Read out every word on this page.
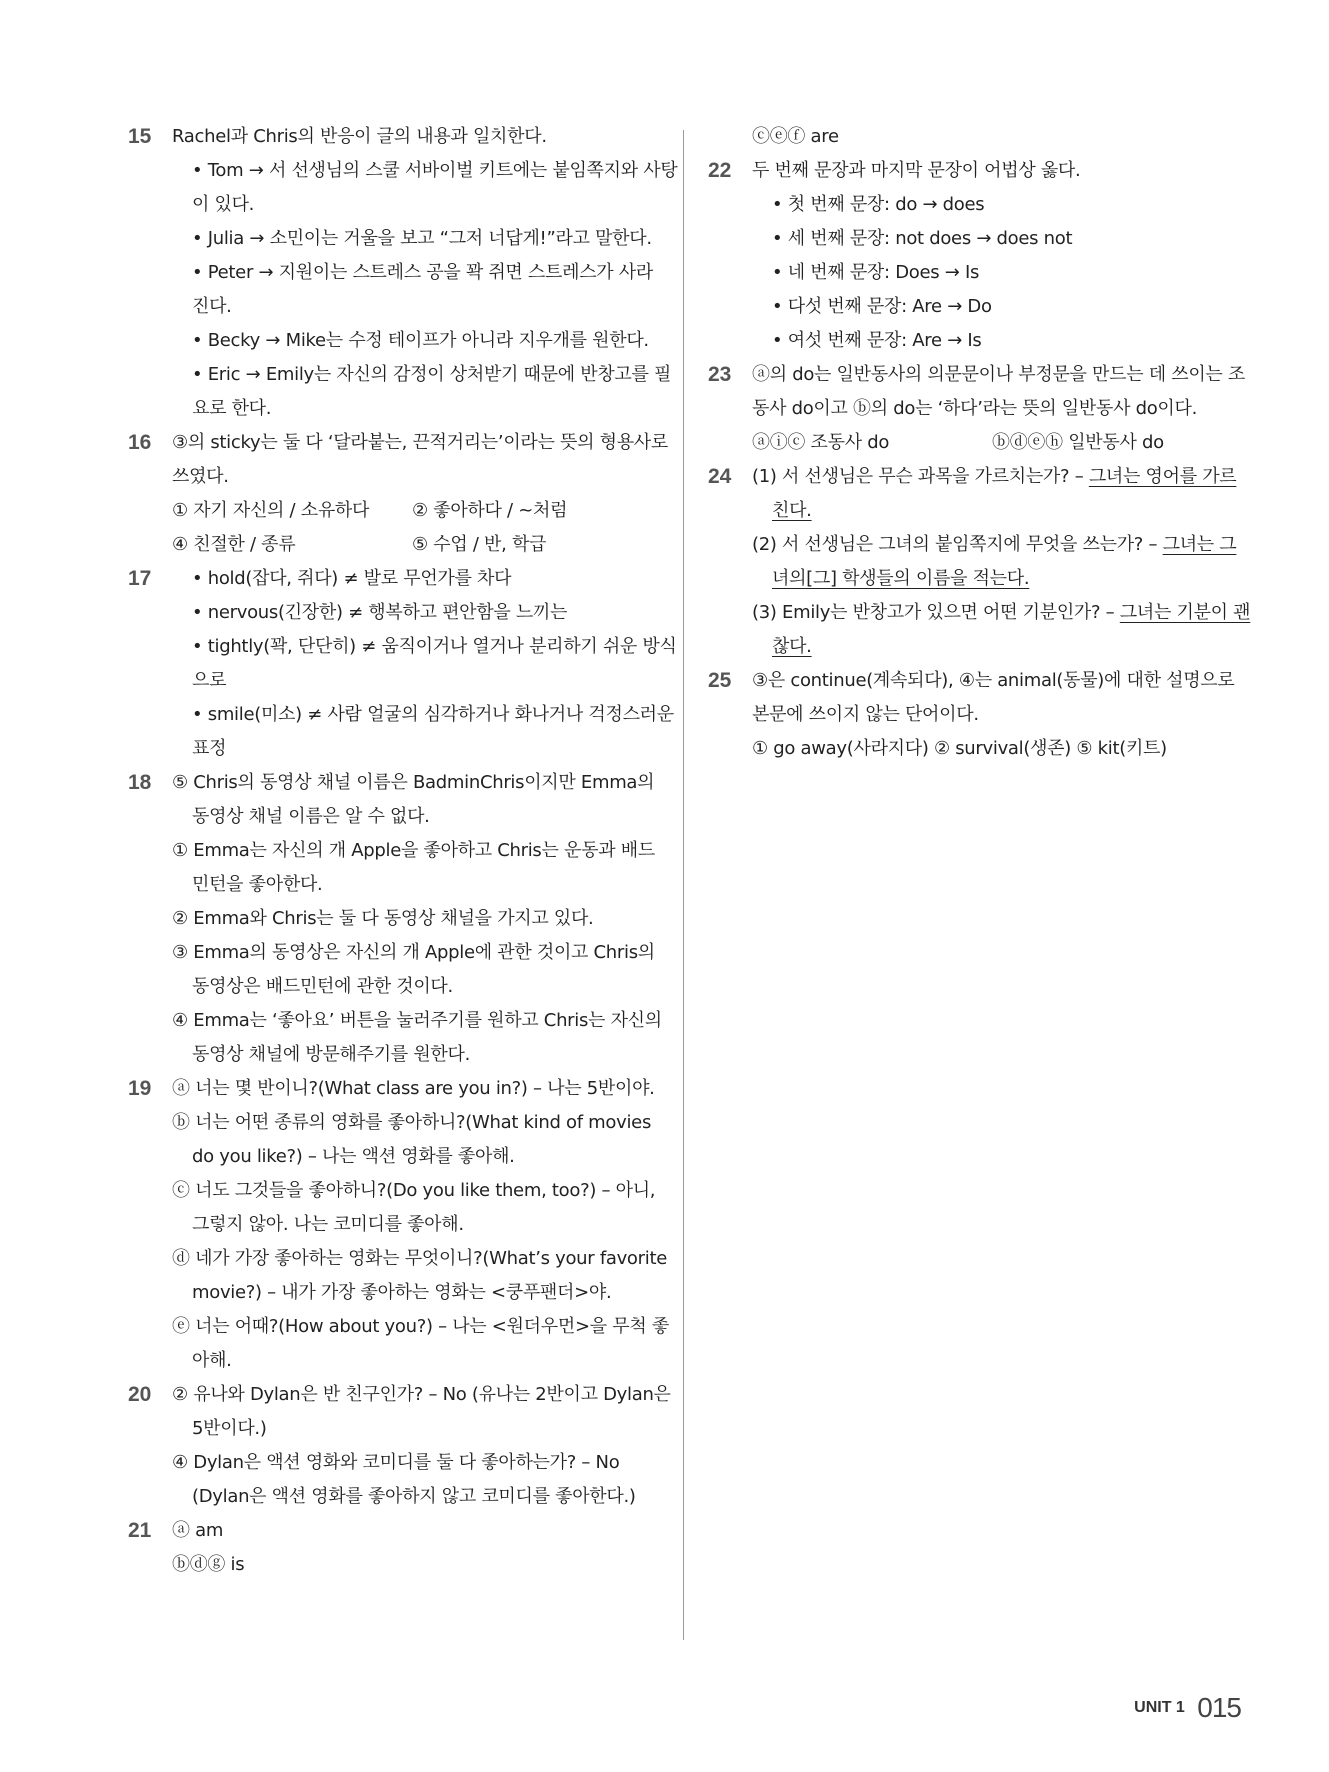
15 Rachel과 Chris의 반응이 글의 내용과 일치한다.
• Tom → 서 선생님의 스쿨 서바이벌 키트에는 붙임쪽지와 사탕
이 있다.
• Julia → 소민이는 거울을 보고 “그저 너답게!”라고 말한다.
• Peter → 지원이는 스트레스 공을 꽉 쥐면 스트레스가 사라
진다.
• Becky → Mike는 수정 테이프가 아니라 지우개를 원한다.
• Eric → Emily는 자신의 감정이 상처받기 때문에 반창고를 필
요로 한다.
16 ③의 sticky는 둘 다 ‘달라붙는, 끈적거리는’이라는 뜻의 형용사로
쓰였다.
① 자기 자신의 / 소유하다 ② 좋아하다 / ~처럼
④ 친절한 / 종류	⑤ 수업 / 반, 학급
17	• hold(잡다, 쥐다) ≠ 발로 무언가를 차다
• nervous(긴장한) ≠ 행복하고 편안함을 느끼는
• tightly(꽉, 단단히) ≠ 움직이거나 열거나 분리하기 쉬운 방식
으로
• smile(미소) ≠ 사람 얼굴의 심각하거나 화나거나 걱정스러운
표정
18 ⑤ Chris의 동영상 채널 이름은 BadminChris이지만 Emma의
동영상 채널 이름은 알 수 없다.
① Emma는 자신의 개 Apple을 좋아하고 Chris는 운동과 배드
민턴을 좋아한다.
② Emma와 Chris는 둘 다 동영상 채널을 가지고 있다.
③ Emma의 동영상은 자신의 개 Apple에 관한 것이고 Chris의
동영상은 배드민턴에 관한 것이다.
④ Emma는 ‘좋아요’ 버튼을 눌러주기를 원하고 Chris는 자신의
동영상 채널에 방문해주기를 원한다.
19 ⓐ 너는 몇 반이니?(What class are you in?) – 나는 5반이야.
ⓑ 너는 어떤 종류의 영화를 좋아하니?(What kind of movies
do you like?) – 나는 액션 영화를 좋아해.
ⓒ 너도 그것들을 좋아하니?(Do you like them, too?) – 아니,
그렇지 않아. 나는 코미디를 좋아해.
ⓓ 네가 가장 좋아하는 영화는 무엇이니?(What’s your favorite
movie?) – 내가 가장 좋아하는 영화는 <쿵푸팬더>야.
ⓔ 너는 어때?(How about you?) – 나는 <원더우먼>을 무척 좋
아해.
20 ② 유나와 Dylan은 반 친구인가? – No (유나는 2반이고 Dylan은
5반이다.)
④ Dylan은 액션 영화와 코미디를 둘 다 좋아하는가? – No
(Dylan은 액션 영화를 좋아하지 않고 코미디를 좋아한다.)
21 ⓐ am
ⓑⓓⓖ is
ⓒⓔⓕ are
22 두 번째 문장과 마지막 문장이 어법상 옳다.
• 첫 번째 문장: do → does
• 세 번째 문장: not does → does not
• 네 번째 문장: Does → Is
• 다섯 번째 문장: Are → Do
• 여섯 번째 문장: Are → Is
23 ⓐ의 do는 일반동사의 의문문이나 부정문을 만드는 데 쓰이는 조
동사 do이고 ⓑ의 do는 ‘하다’라는 뜻의 일반동사 do이다.
ⓐⓘⓒ 조동사 do	ⓑⓓⓔⓗ 일반동사 do
24 (1) 서 선생님은 무슨 과목을 가르치는가? – 그녀는 영어를 가르
친다.
(2) 서 선생님은 그녀의 붙임쪽지에 무엇을 쓰는가? – 그녀는 그
녀의[그] 학생들의 이름을 적는다.
(3) Emily는 반창고가 있으면 어떤 기분인가? – 그녀는 기분이 괜
찮다.
25 ③은 continue(계속되다), ④는 animal(동물)에 대한 설명으로
본문에 쓰이지 않는 단어이다.
① go away(사라지다) ② survival(생존) ⑤ kit(키트)
UNIT 1 015
